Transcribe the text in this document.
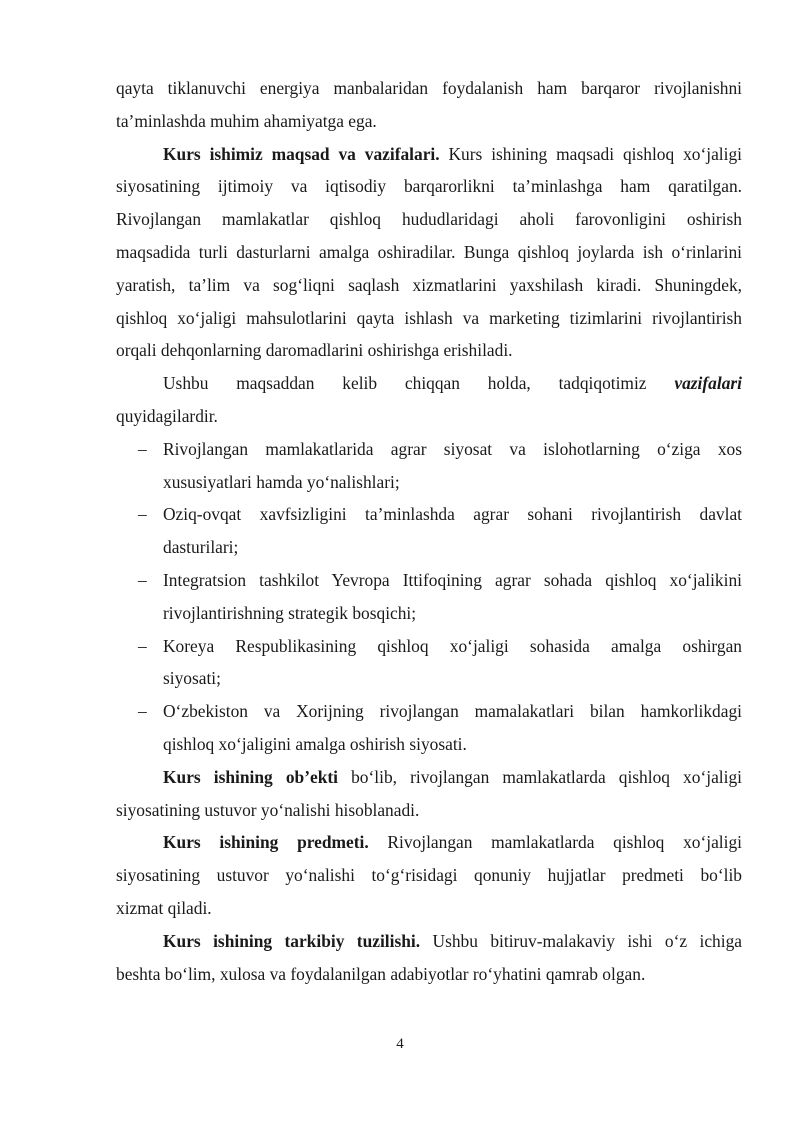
qayta tiklanuvchi energiya manbalaridan foydalanish ham barqaror rivojlanishni
ta’minlashda muhim ahamiyatga ega.
Kurs ishimiz maqsad va vazifalari. Kurs ishining maqsadi qishloq xo‘jaligi
siyosatining ijtimoiy va iqtisodiy barqarorlikni ta’minlashga ham qaratilgan.
Rivojlangan mamlakatlar qishloq hududlaridagi aholi farovonligini oshirish
maqsadida turli dasturlarni amalga oshiradilar. Bunga qishloq joylarda ish o‘rinlarini
yaratish, ta’lim va sog‘liqni saqlash xizmatlarini yaxshilash kiradi. Shuningdek,
qishloq xo‘jaligi mahsulotlarini qayta ishlash va marketing tizimlarini rivojlantirish
orqali dehqonlarning daromadlarini oshirishga erishiladi.
Ushbu maqsaddan kelib chiqqan holda, tadqiqotimiz vazifalari
quyidagilardir.
– Rivojlangan mamlakatlarida agrar siyosat va islohotlarning o‘ziga xos
xususiyatlari hamda yo‘nalishlari;
– Oziq-ovqat xavfsizligini ta’minlashda agrar sohani rivojlantirish davlat
dasturilari;
– Integratsion tashkilot Yevropa Ittifoqining agrar sohada qishloq xo‘jalikini
rivojlantirishning strategik bosqichi;
– Koreya Respublikasining qishloq xo‘jaligi sohasida amalga oshirgan
siyosati;
– O‘zbekiston va Xorijning rivojlangan mamalakatlari bilan hamkorlikdagi
qishloq xo‘jaligini amalga oshirish siyosati.
Kurs ishining ob’ekti bo‘lib, rivojlangan mamlakatlarda qishloq xo‘jaligi
siyosatining ustuvor yo‘nalishi hisoblanadi.
Kurs ishining predmeti. Rivojlangan mamlakatlarda qishloq xo‘jaligi
siyosatining ustuvor yo‘nalishi to‘g‘risidagi qonuniy hujjatlar predmeti bo‘lib
xizmat qiladi.
Kurs ishining tarkibiy tuzilishi. Ushbu bitiruv-malakaviy ishi o‘z ichiga
beshta bo‘lim, xulosa va foydalanilgan adabiyotlar ro‘yhatini qamrab olgan.
4
